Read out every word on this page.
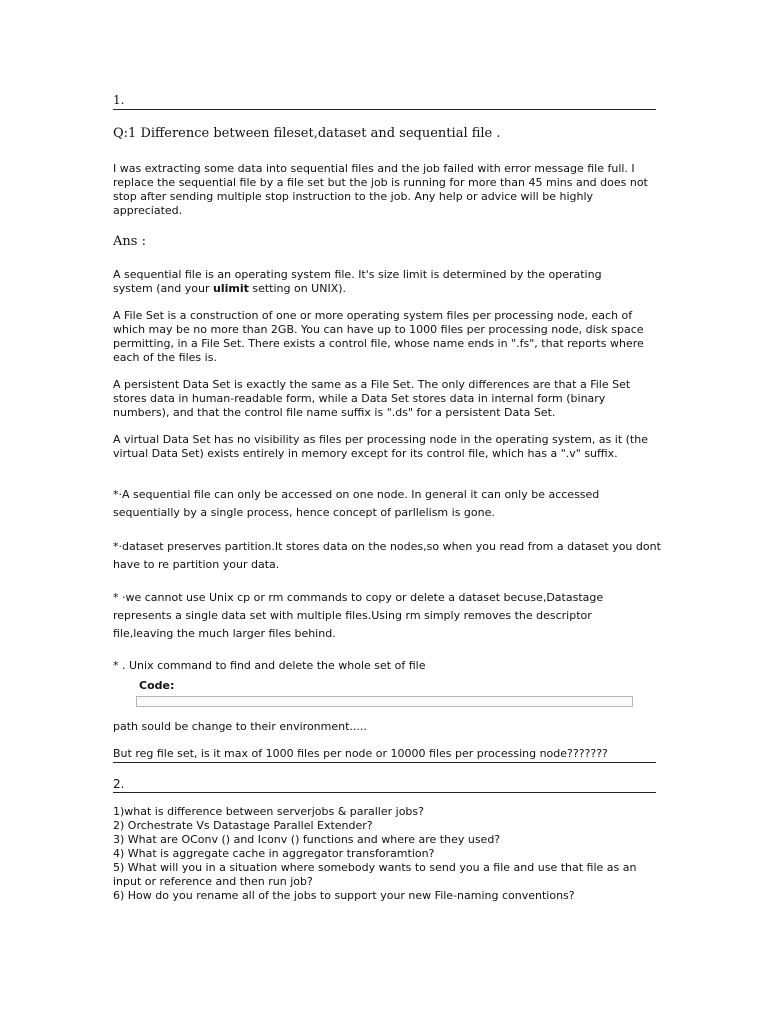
1.
Q:1 Difference between fileset,dataset and sequential file .

I was extracting some data into sequential files and the job failed with error message file full. I replace the sequential file by a file set but the job is running for more than 45 mins and does not stop after sending multiple stop instruction to the job. Any help or advice will be highly appreciated.

Ans :

A sequential file is an operating system file. It's size limit is determined by the operating system (and your ulimit setting on UNIX).

A File Set is a construction of one or more operating system files per processing node, each of which may be no more than 2GB. You can have up to 1000 files per processing node, disk space permitting, in a File Set. There exists a control file, whose name ends in ".fs", that reports where each of the files is.

A persistent Data Set is exactly the same as a File Set. The only differences are that a File Set stores data in human-readable form, while a Data Set stores data in internal form (binary numbers), and that the control file name suffix is ".ds" for a persistent Data Set.

A virtual Data Set has no visibility as files per processing node in the operating system, as it (the virtual Data Set) exists entirely in memory except for its control file, which has a ".v" suffix.

*·A sequential file can only be accessed on one node. In general it can only be accessed sequentially by a single process, hence concept of parllelism is gone.

*·dataset preserves partition.It stores data on the nodes,so when you read from a dataset you dont have to re partition your data.

* ·we cannot use Unix cp or rm commands to copy or delete a dataset becuse,Datastage represents a single data set with multiple files.Using rm simply removes the descriptor file,leaving the much larger files behind.

* . Unix command to find and delete the whole set of file

Code:

path sould be change to their environment.....

But reg file set, is it max of 1000 files per node or 10000 files per processing node???????

2.
1)what is difference between serverjobs & paraller jobs?
2) Orchestrate Vs Datastage Parallel Extender?
3) What are OConv () and Iconv () functions and where are they used?
4) What is aggregate cache in aggregator transforamtion?
5) What will you in a situation where somebody wants to send you a file and use that file as an
input or reference and then run job?
6) How do you rename all of the jobs to support your new File-naming conventions?
